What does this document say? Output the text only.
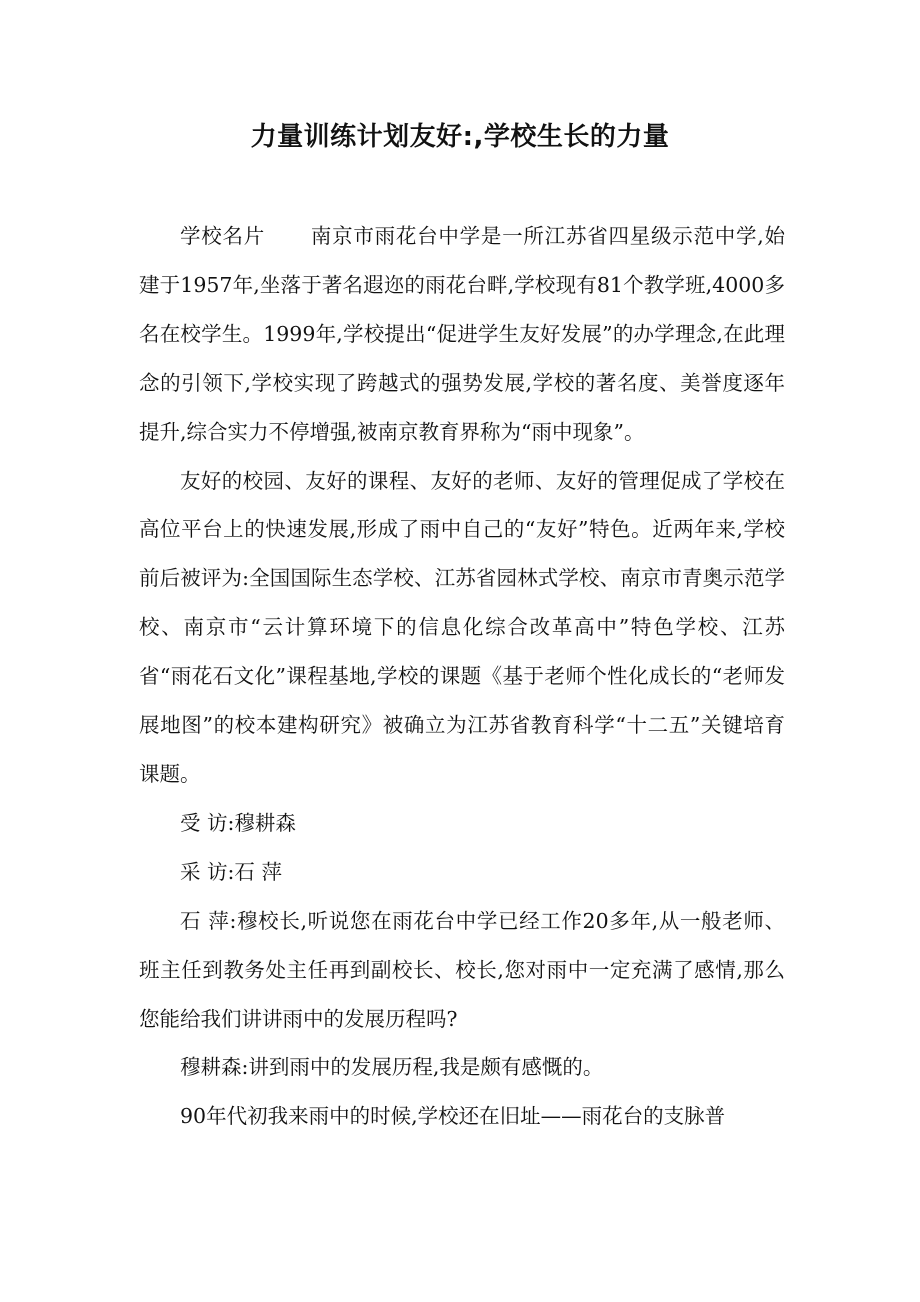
力量训练计划友好:,学校生长的力量

学校名片 南京市雨花台中学是一所江苏省四星级示范中学,始建于1957年,坐落于著名遐迩的雨花台畔,学校现有81个教学班,4000多名在校学生。1999年,学校提出“促进学生友好发展”的办学理念,在此理念的引领下,学校实现了跨越式的强势发展,学校的著名度、美誉度逐年提升,综合实力不停增强,被南京教育界称为“雨中现象”。

友好的校园、友好的课程、友好的老师、友好的管理促成了学校在高位平台上的快速发展,形成了雨中自己的“友好”特色。近两年来,学校前后被评为:全国国际生态学校、江苏省园林式学校、南京市青奥示范学校、南京市“云计算环境下的信息化综合改革高中”特色学校、江苏省“雨花石文化”课程基地,学校的课题《基于老师个性化成长的“老师发展地图”的校本建构研究》被确立为江苏省教育科学“十二五”关键培育课题。

受 访:穆耕森

采 访:石 萍

石 萍:穆校长,听说您在雨花台中学已经工作20多年,从一般老师、班主任到教务处主任再到副校长、校长,您对雨中一定充满了感情,那么您能给我们讲讲雨中的发展历程吗?

穆耕森:讲到雨中的发展历程,我是颇有感慨的。

90年代初我来雨中的时候,学校还在旧址——雨花台的支脉普
